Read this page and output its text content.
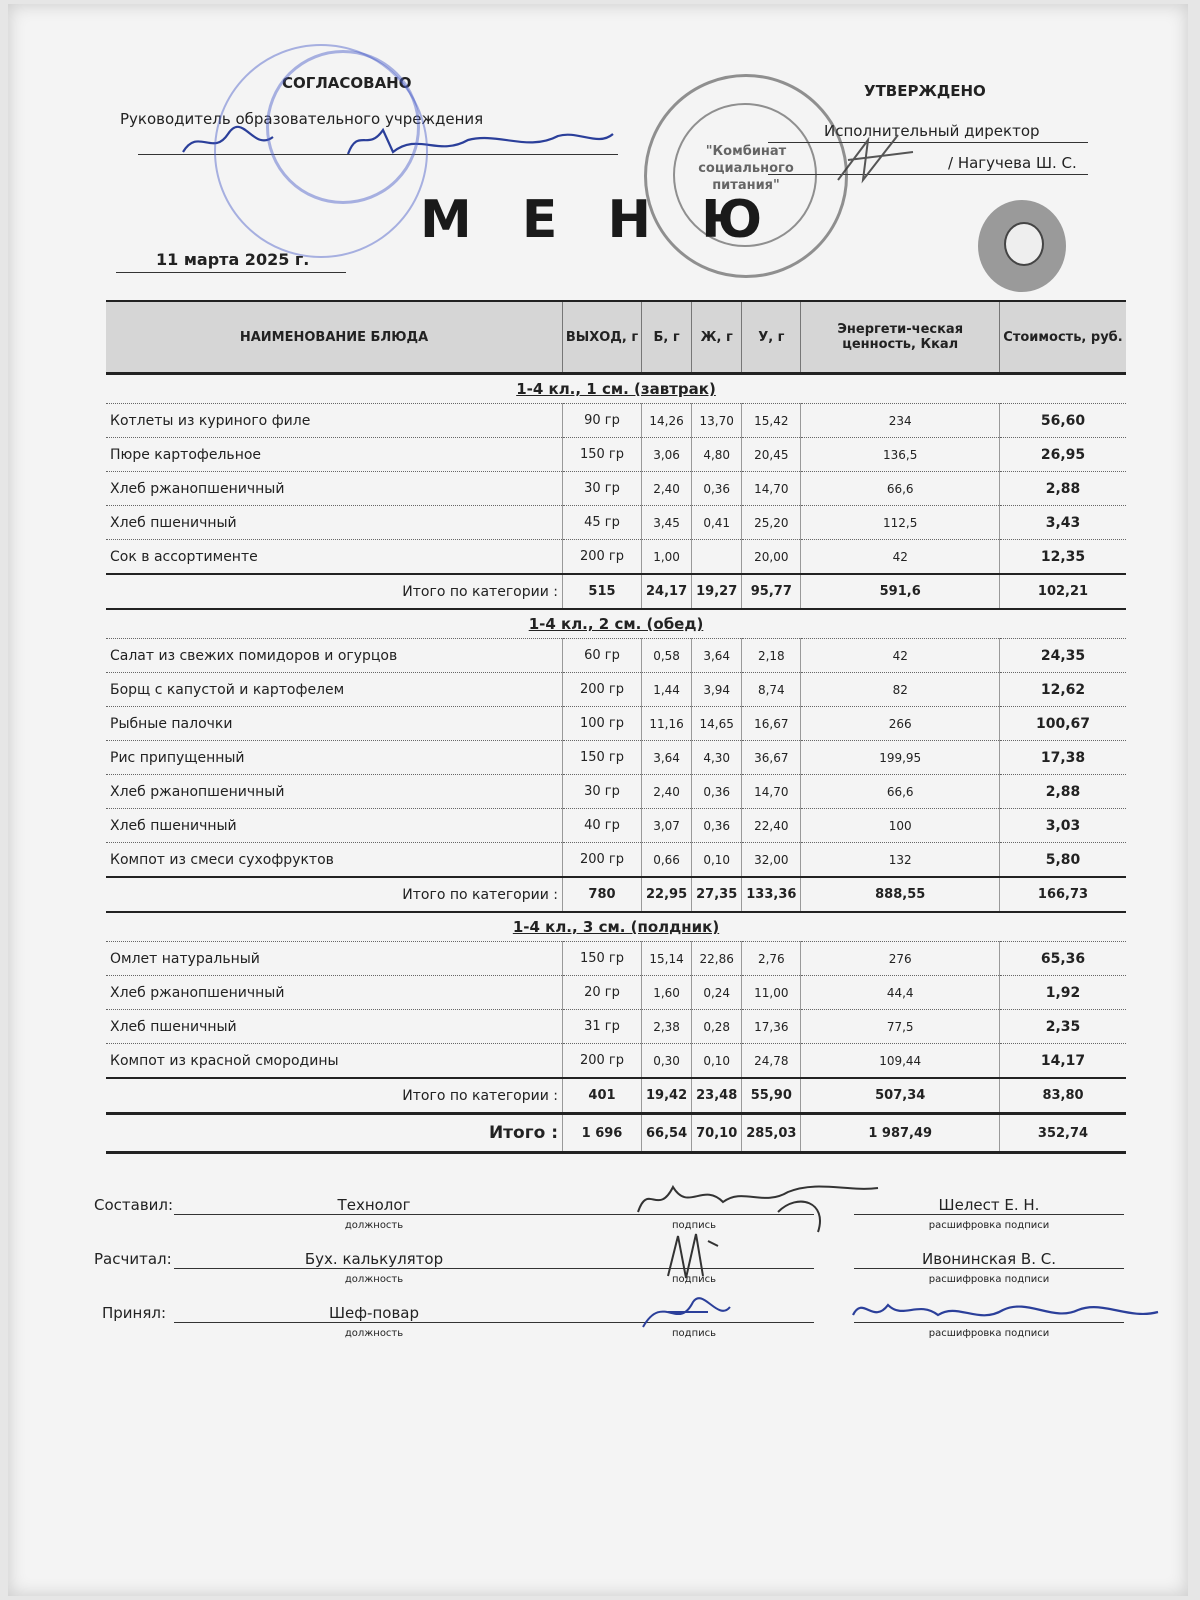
СОГЛАСОВАНО
Руководитель образовательного учреждения
УТВЕРЖДЕНО
Исполнительный директор
/ Нагучева Ш. С.
"Комбинат социального питания"
М Е Н Ю
11 марта 2025 г.
НАИМЕНОВАНИЕ БЛЮДА	ВЫХОД, г	Б, г	Ж, г	У, г	Энергети-ческая ценность, Ккал	Стоимость, руб.
1-4 кл., 1 см. (завтрак)						
Котлеты из куриного филе	90 гр	14,26	13,70	15,42	234	56,60
Пюре картофельное	150 гр	3,06	4,80	20,45	136,5	26,95
Хлеб ржанопшеничный	30 гр	2,40	0,36	14,70	66,6	2,88
Хлеб пшеничный	45 гр	3,45	0,41	25,20	112,5	3,43
Сок в ассортименте	200 гр	1,00		20,00	42	12,35
Итого по категории :	515	24,17	19,27	95,77	591,6	102,21
1-4 кл., 2 см. (обед)						
Салат из свежих помидоров и огурцов	60 гр	0,58	3,64	2,18	42	24,35
Борщ с капустой и картофелем	200 гр	1,44	3,94	8,74	82	12,62
Рыбные палочки	100 гр	11,16	14,65	16,67	266	100,67
Рис припущенный	150 гр	3,64	4,30	36,67	199,95	17,38
Хлеб ржанопшеничный	30 гр	2,40	0,36	14,70	66,6	2,88
Хлеб пшеничный	40 гр	3,07	0,36	22,40	100	3,03
Компот из смеси сухофруктов	200 гр	0,66	0,10	32,00	132	5,80
Итого по категории :	780	22,95	27,35	133,36	888,55	166,73
1-4 кл., 3 см. (полдник)						
Омлет натуральный	150 гр	15,14	22,86	2,76	276	65,36
Хлеб ржанопшеничный	20 гр	1,60	0,24	11,00	44,4	1,92
Хлеб пшеничный	31 гр	2,38	0,28	17,36	77,5	2,35
Компот из красной смородины	200 гр	0,30	0,10	24,78	109,44	14,17
Итого по категории :	401	19,42	23,48	55,90	507,34	83,80
Итого :	1 696	66,54	70,10	285,03	1 987,49	352,74
Составил:	Технолог
должность	подпись
Шелест Е. Н.
расшифровка подписи
Расчитал:	Бух. калькулятор
должность	подпись
Ивонинская В. С.
расшифровка подписи
Принял:	Шеф-повар
должность	подпись	расшифровка подписи
